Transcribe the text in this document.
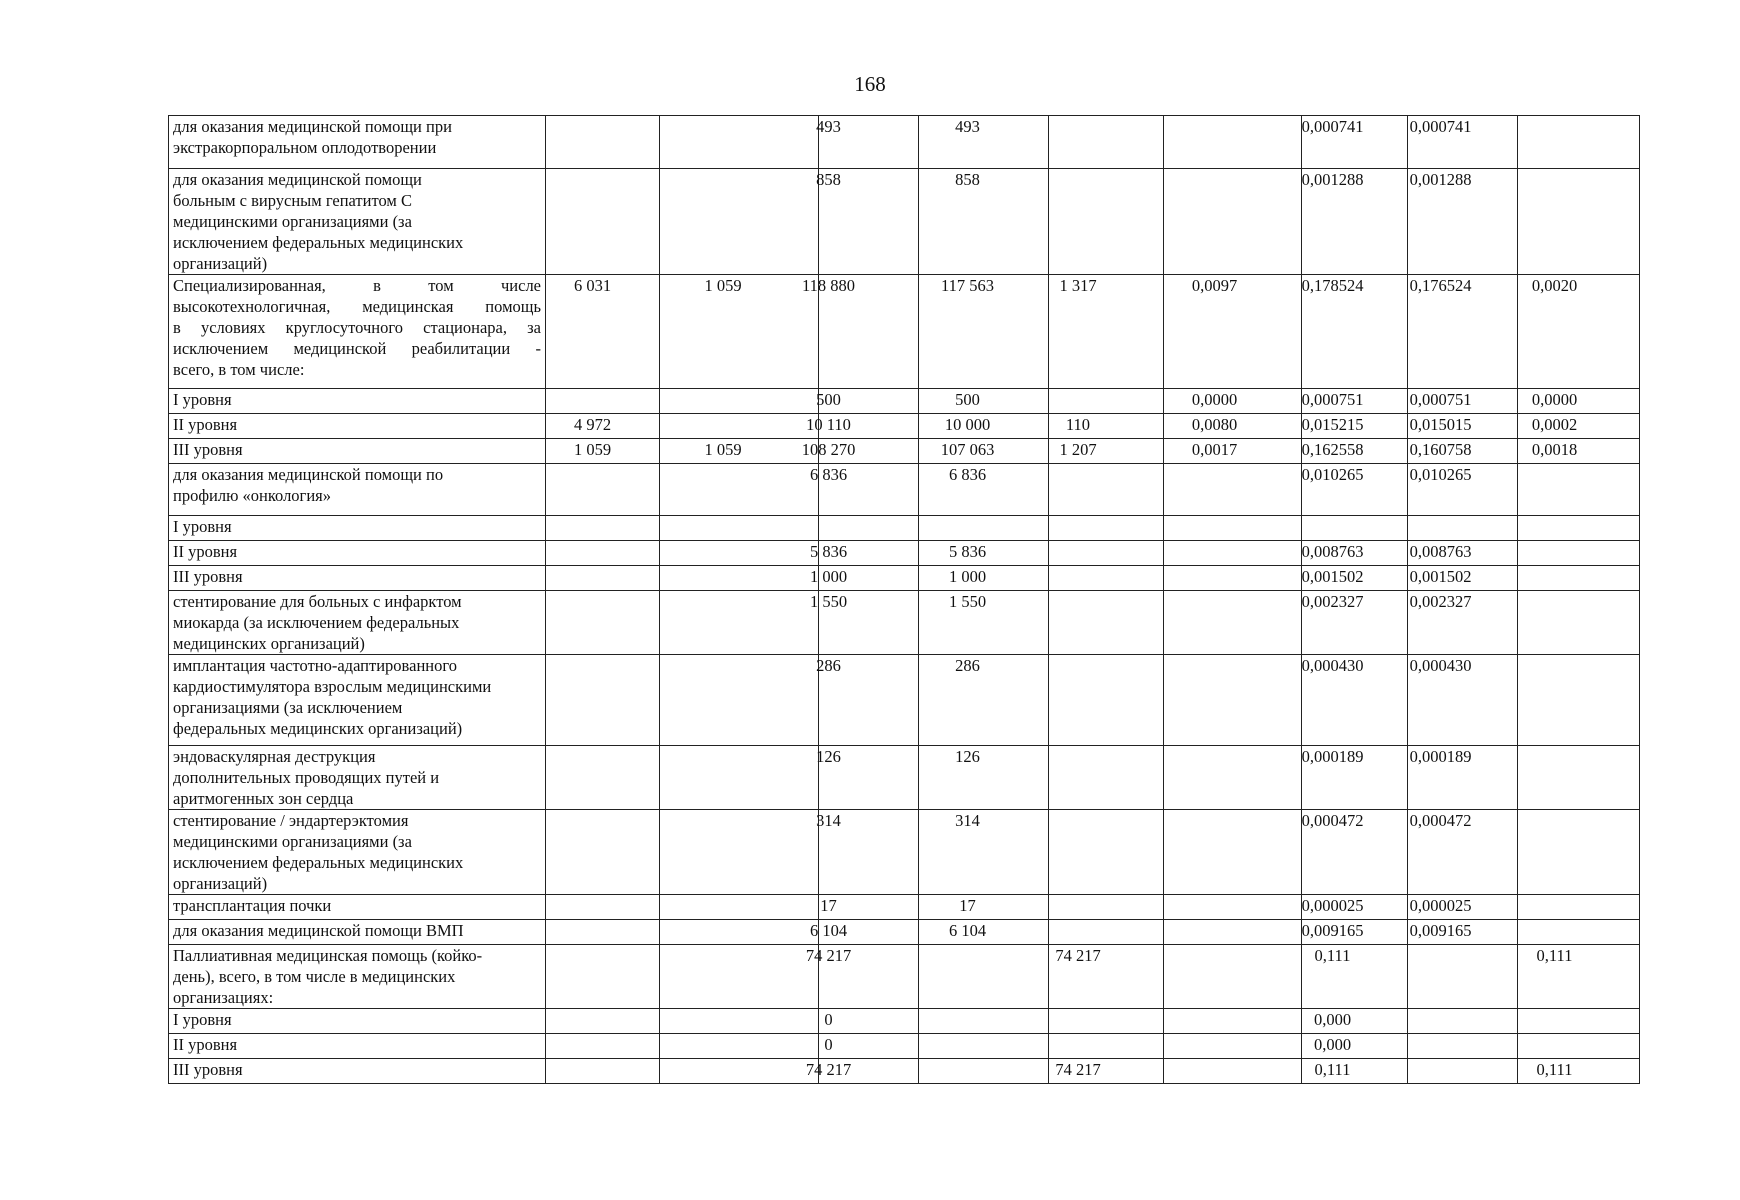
168
для оказания медицинской помощи при
экстракорпоральном оплодотворении			493	493			0,000741	0,000741	

для оказания медицинской помощи
больным с вирусным гепатитом С
медицинскими организациями (за
исключением федеральных медицинских
организаций)			858	858			0,001288	0,001288	

Специализированная, в том числе
высокотехнологичная, медицинская помощь
в условиях круглосуточного стационара, за
исключением медицинской реабилитации -
всего, в том числе:	6 031	1 059	118 880	117 563	1 317	0,0097	0,178524	0,176524	0,0020

I уровня			500	500		0,0000	0,000751	0,000751	0,0000

II уровня	4 972		10 110	10 000	110	0,0080	0,015215	0,015015	0,0002

III уровня	1 059	1 059	108 270	107 063	1 207	0,0017	0,162558	0,160758	0,0018

для оказания медицинской помощи по
профилю «онкология»			6 836	6 836			0,010265	0,010265	

I уровня									

II уровня			5 836	5 836			0,008763	0,008763	

III уровня			1 000	1 000			0,001502	0,001502	

стентирование для больных с инфарктом
миокарда (за исключением федеральных
медицинских организаций)			1 550	1 550			0,002327	0,002327	

имплантация частотно-адаптированного
кардиостимулятора взрослым медицинскими
организациями (за исключением
федеральных медицинских организаций)			286	286			0,000430	0,000430	

эндоваскулярная деструкция
дополнительных проводящих путей и
аритмогенных зон сердца			126	126			0,000189	0,000189	

стентирование / эндартерэктомия
медицинскими организациями (за
исключением федеральных медицинских
организаций)			314	314			0,000472	0,000472	

трансплантация почки			17	17			0,000025	0,000025	

для оказания медицинской помощи ВМП			6 104	6 104			0,009165	0,009165	

Паллиативная медицинская помощь (койко-
день), всего, в том числе в медицинских
организациях:			74 217		74 217		0,111		0,111

I уровня			0				0,000		

II уровня			0				0,000		

III уровня			74 217		74 217		0,111		0,111
